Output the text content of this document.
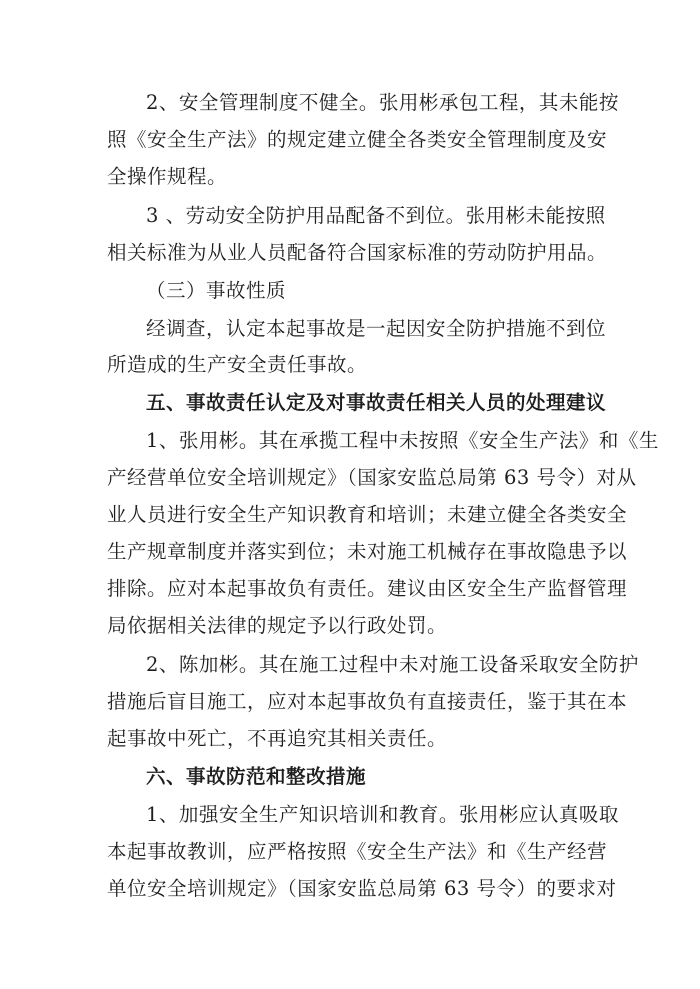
2、安全管理制度不健全。张用彬承包工程，其未能按
照《安全生产法》的规定建立健全各类安全管理制度及安
全操作规程。
3 、劳动安全防护用品配备不到位。张用彬未能按照
相关标准为从业人员配备符合国家标准的劳动防护用品。
（三）事故性质
经调查，认定本起事故是一起因安全防护措施不到位
所造成的生产安全责任事故。
五、事故责任认定及对事故责任相关人员的处理建议
1、张用彬。其在承揽工程中未按照《安全生产法》和《生
产经营单位安全培训规定》（国家安监总局第 63 号令）对从
业人员进行安全生产知识教育和培训；未建立健全各类安全
生产规章制度并落实到位；未对施工机械存在事故隐患予以
排除。应对本起事故负有责任。建议由区安全生产监督管理
局依据相关法律的规定予以行政处罚。
2、陈加彬。其在施工过程中未对施工设备采取安全防护
措施后盲目施工，应对本起事故负有直接责任，鉴于其在本
起事故中死亡，不再追究其相关责任。
六、事故防范和整改措施
1、加强安全生产知识培训和教育。张用彬应认真吸取
本起事故教训，应严格按照《安全生产法》和《生产经营
单位安全培训规定》（国家安监总局第 63 号令）的要求对
